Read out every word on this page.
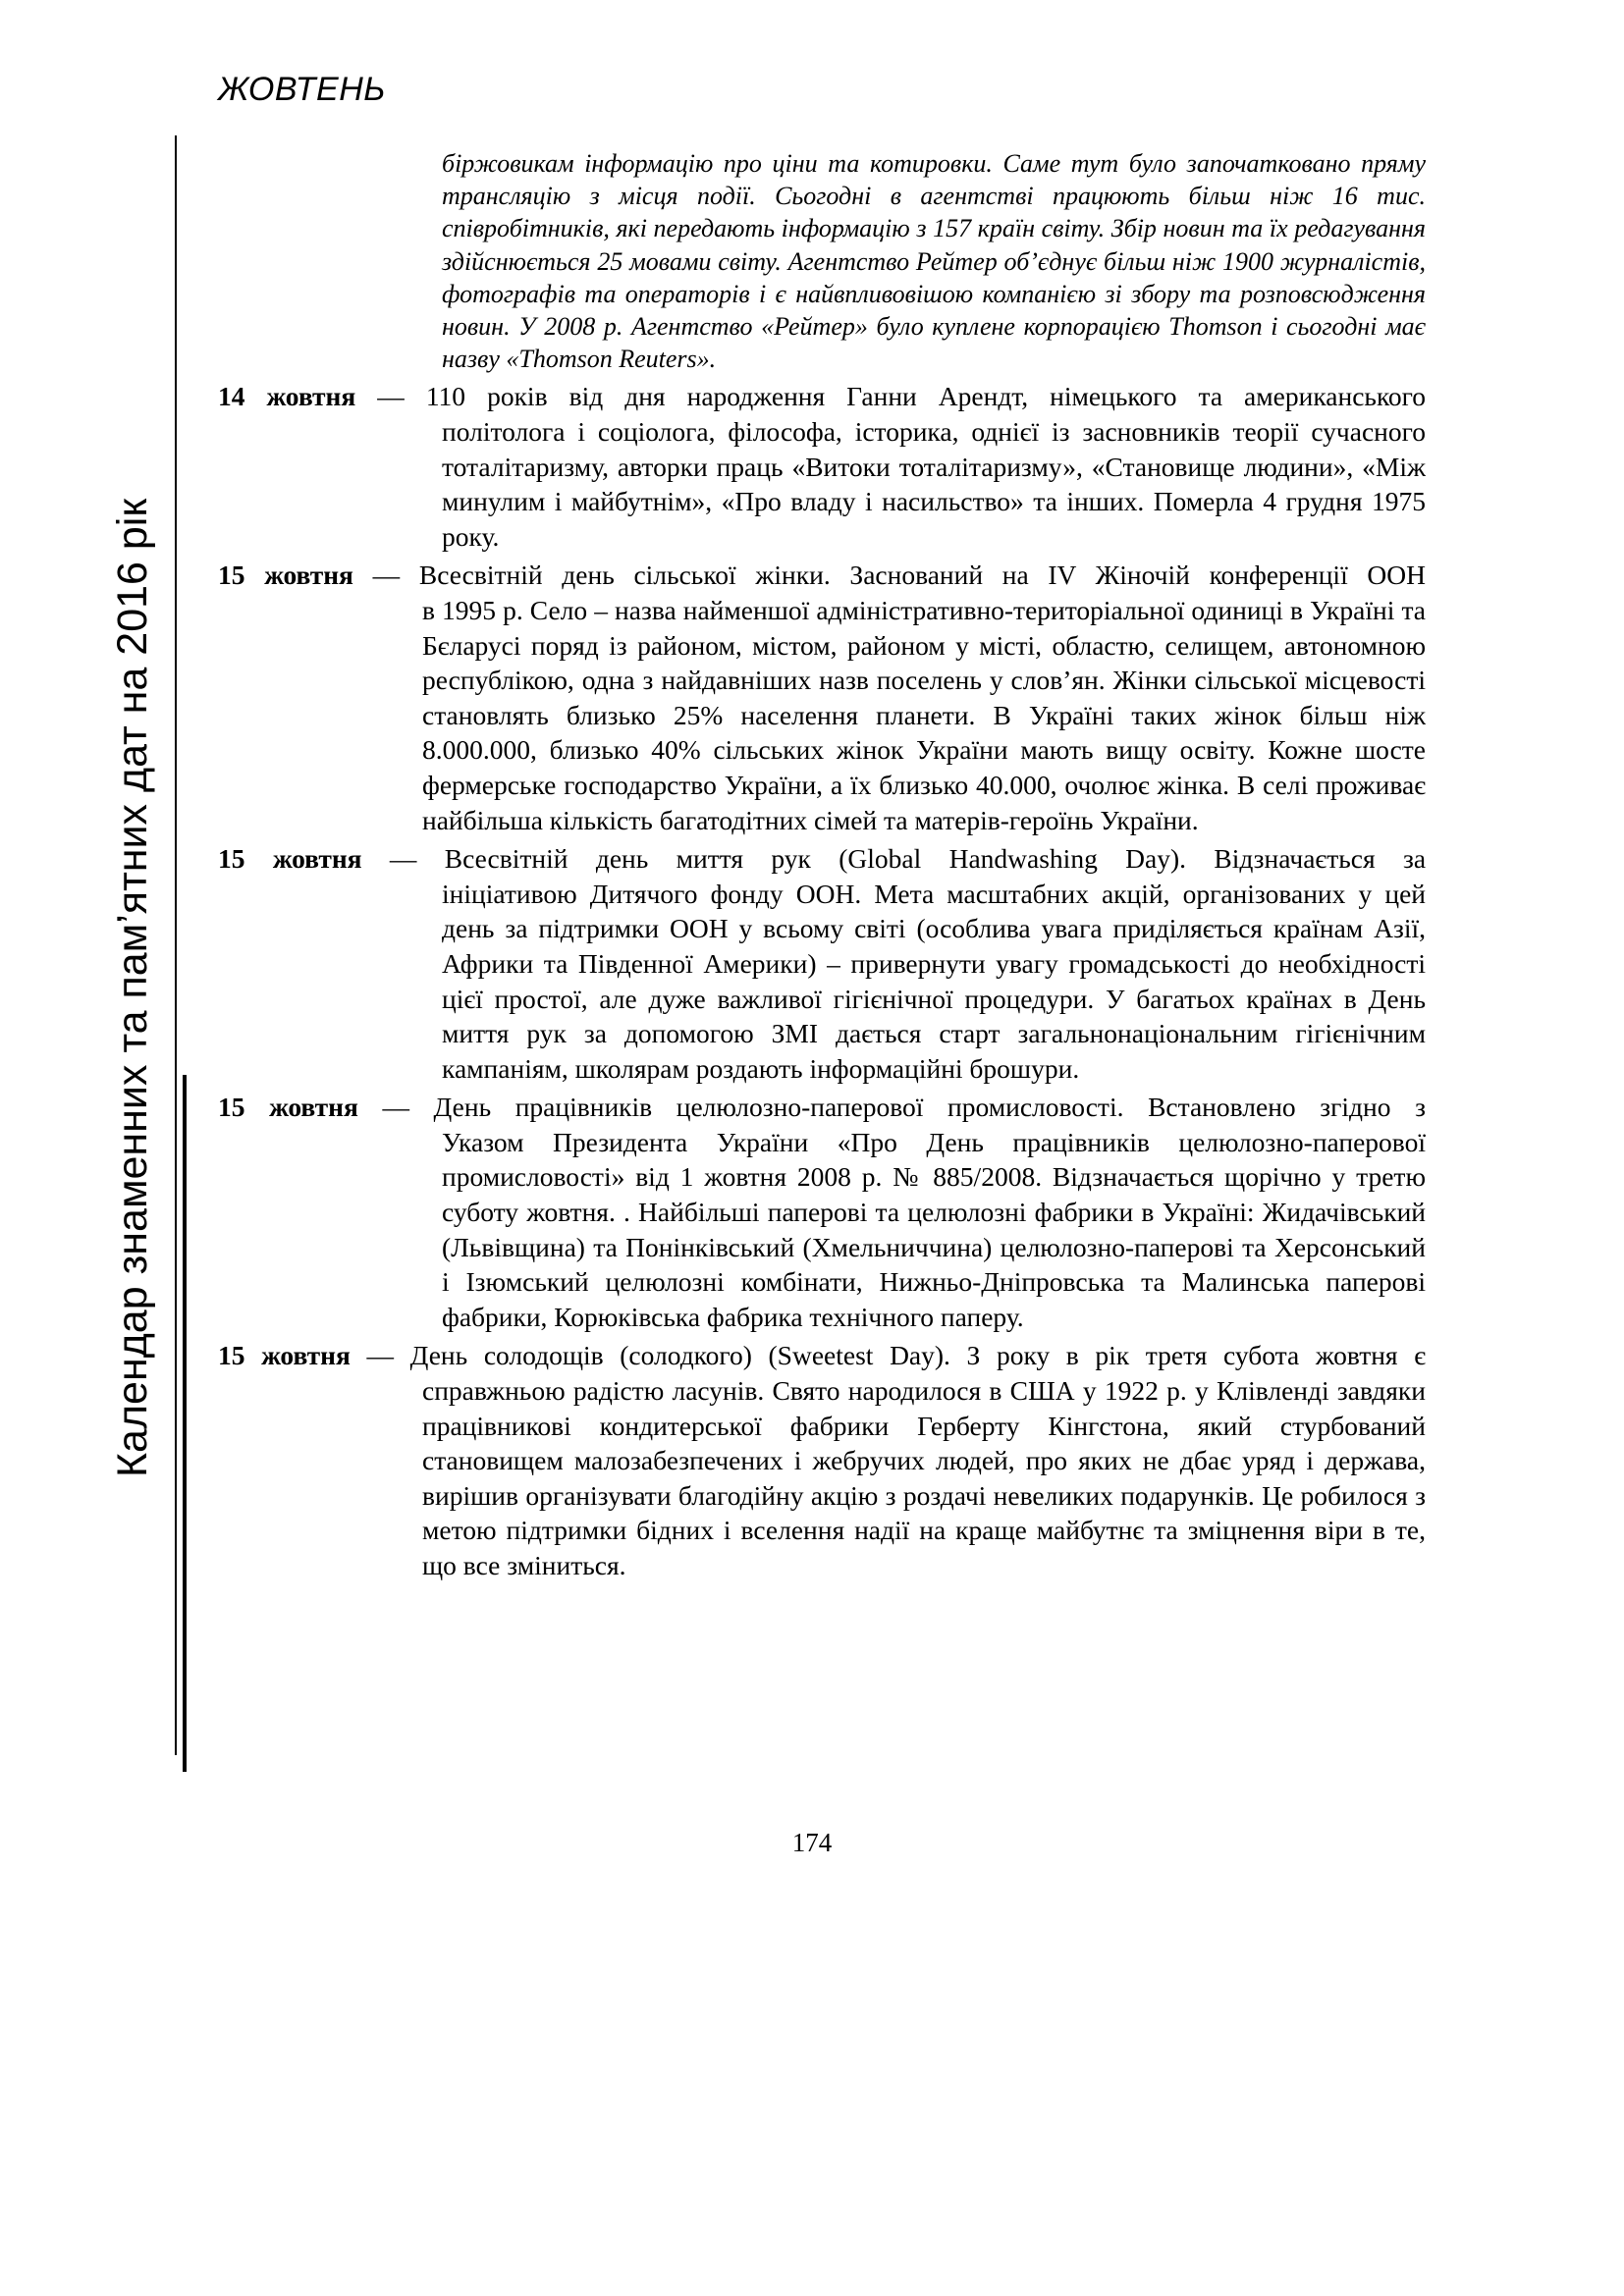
ЖОВТЕНЬ
Календар знаменних та пам’ятних дат на 2016 рік
біржовикам інформацію про ціни та котировки. Саме тут було започатковано пряму трансляцію з місця події. Сьогодні в агентстві працюють більш ніж 16 тис. співробітників, які передають інформацію з 157 країн світу. Збір новин та їх редагування здійснюється 25 мовами світу. Агентство Рейтер об’єднує більш ніж 1900 журналістів, фотографів та операторів і є найвпливовішою компанією зі збору та розповсюдження новин. У 2008 р. Агентство «Рейтер» було куплене корпорацією Thomson і сьогодні має назву «Thomson Reuters».
14 жовтня — 110 років від дня народження Ганни Арендт, німецького та американського
політолога і соціолога, філософа, історика, однієї із засновників теорії сучасного тоталітаризму, авторки праць «Витоки тоталітаризму», «Становище людини», «Між минулим і майбутнім», «Про владу і насильство» та інших. Померла 4 грудня 1975 року.
15 жовтня — Всесвітній день сільської жінки. Заснований на IV Жіночій конференції ООН
в 1995 р. Село – назва найменшої адміністративно-територіальної одиниці в Україні та Бєларусі поряд із районом, містом, районом у місті, областю, селищем, автономною республікою, одна з найдавніших назв поселень у слов’ян. Жінки сільської місцевості становлять близько 25% населення планети. В Україні таких жінок більш ніж 8.000.000, близько 40% сільських жінок України мають вищу освіту. Кожне шосте фермерське господарство України, а їх близько 40.000, очолює жінка. В селі проживає найбільша кількість багатодітних сімей та матерів-героїнь України.
15 жовтня — Всесвітній день миття рук (Global Handwashing Day). Відзначається за
ініціативою Дитячого фонду ООН. Мета масштабних акцій, організованих у цей день за підтримки ООН у всьому світі (особлива увага приділяється країнам Азії, Африки та Південної Америки) – привернути увагу громадськості до необхідності цієї простої, але дуже важливої гігієнічної процедури. У багатьох країнах в День миття рук за допомогою ЗМІ дається старт загальнонаціональним гігієнічним кампаніям, школярам роздають інформаційні брошури.
15 жовтня — День працівників целюлозно-паперової промисловості. Встановлено згідно з
Указом Президента України «Про День працівників целюлозно-паперової промисловості» від 1 жовтня 2008 р. № 885/2008. Відзначається щорічно у третю суботу жовтня. . Найбільші паперові та целюлозні фабрики в Україні: Жидачівський (Львівщина) та Понінківський (Хмельниччина) целюлозно-паперові та Херсонський і Ізюмський целюлозні комбінати, Нижньо-Дніпровська та Малинська паперові фабрики, Корюківська фабрика технічного паперу.
15 жовтня — День солодощів (солодкого) (Sweetest Day). З року в рік третя субота жовтня є
справжньою радістю ласунів. Свято народилося в США у 1922 р. у Клівленді завдяки працівникові кондитерської фабрики Герберту Кінгстона, який стурбований становищем малозабезпечених і жебручих людей, про яких не дбає уряд і держава, вирішив організувати благодійну акцію з роздачі невеликих подарунків. Це робилося з метою підтримки бідних і вселення надії на краще майбутнє та зміцнення віри в те, що все зміниться.
174
